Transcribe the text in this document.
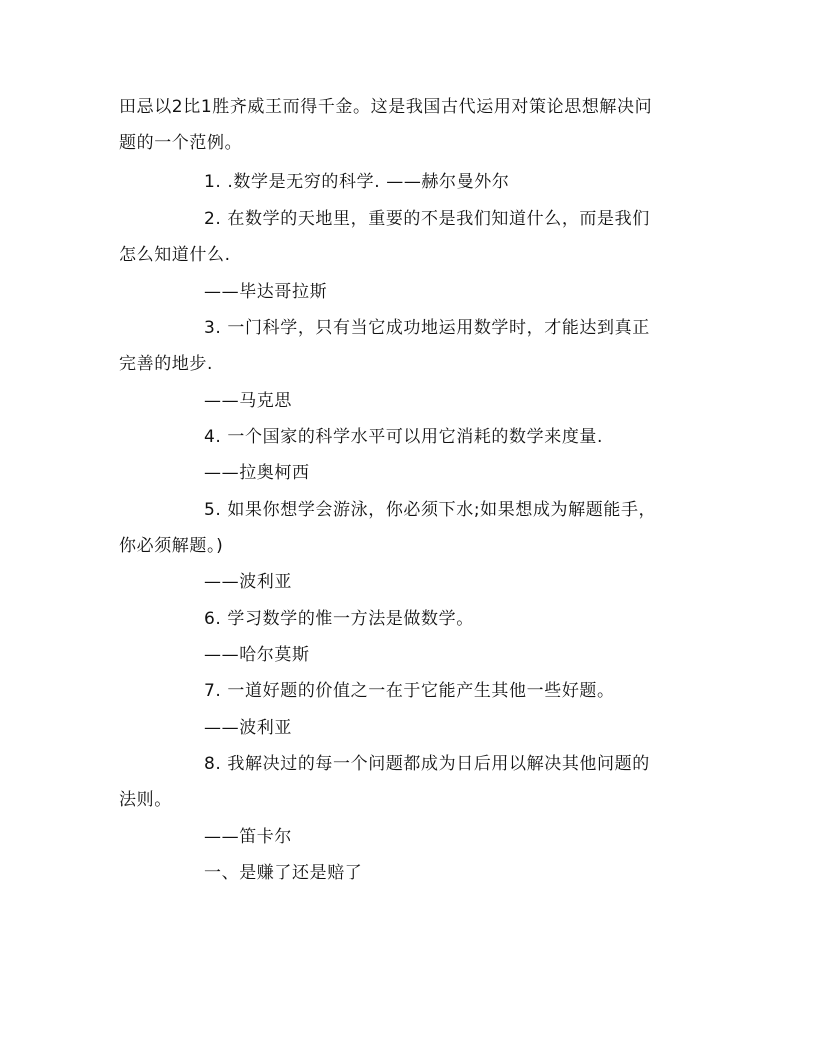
田忌以2比1胜齐威王而得千金。这是我国古代运用对策论思想解决问
题的一个范例。
1. .数学是无穷的科学. ——赫尔曼外尔
2. 在数学的天地里，重要的不是我们知道什么，而是我们
怎么知道什么.
——毕达哥拉斯
3. 一门科学，只有当它成功地运用数学时，才能达到真正
完善的地步.
——马克思
4. 一个国家的科学水平可以用它消耗的数学来度量.
——拉奥柯西
5. 如果你想学会游泳，你必须下水;如果想成为解题能手，
你必须解题。)
——波利亚
6. 学习数学的惟一方法是做数学。
——哈尔莫斯
7. 一道好题的价值之一在于它能产生其他一些好题。
——波利亚
8. 我解决过的每一个问题都成为日后用以解决其他问题的
法则。
——笛卡尔
一、是赚了还是赔了
